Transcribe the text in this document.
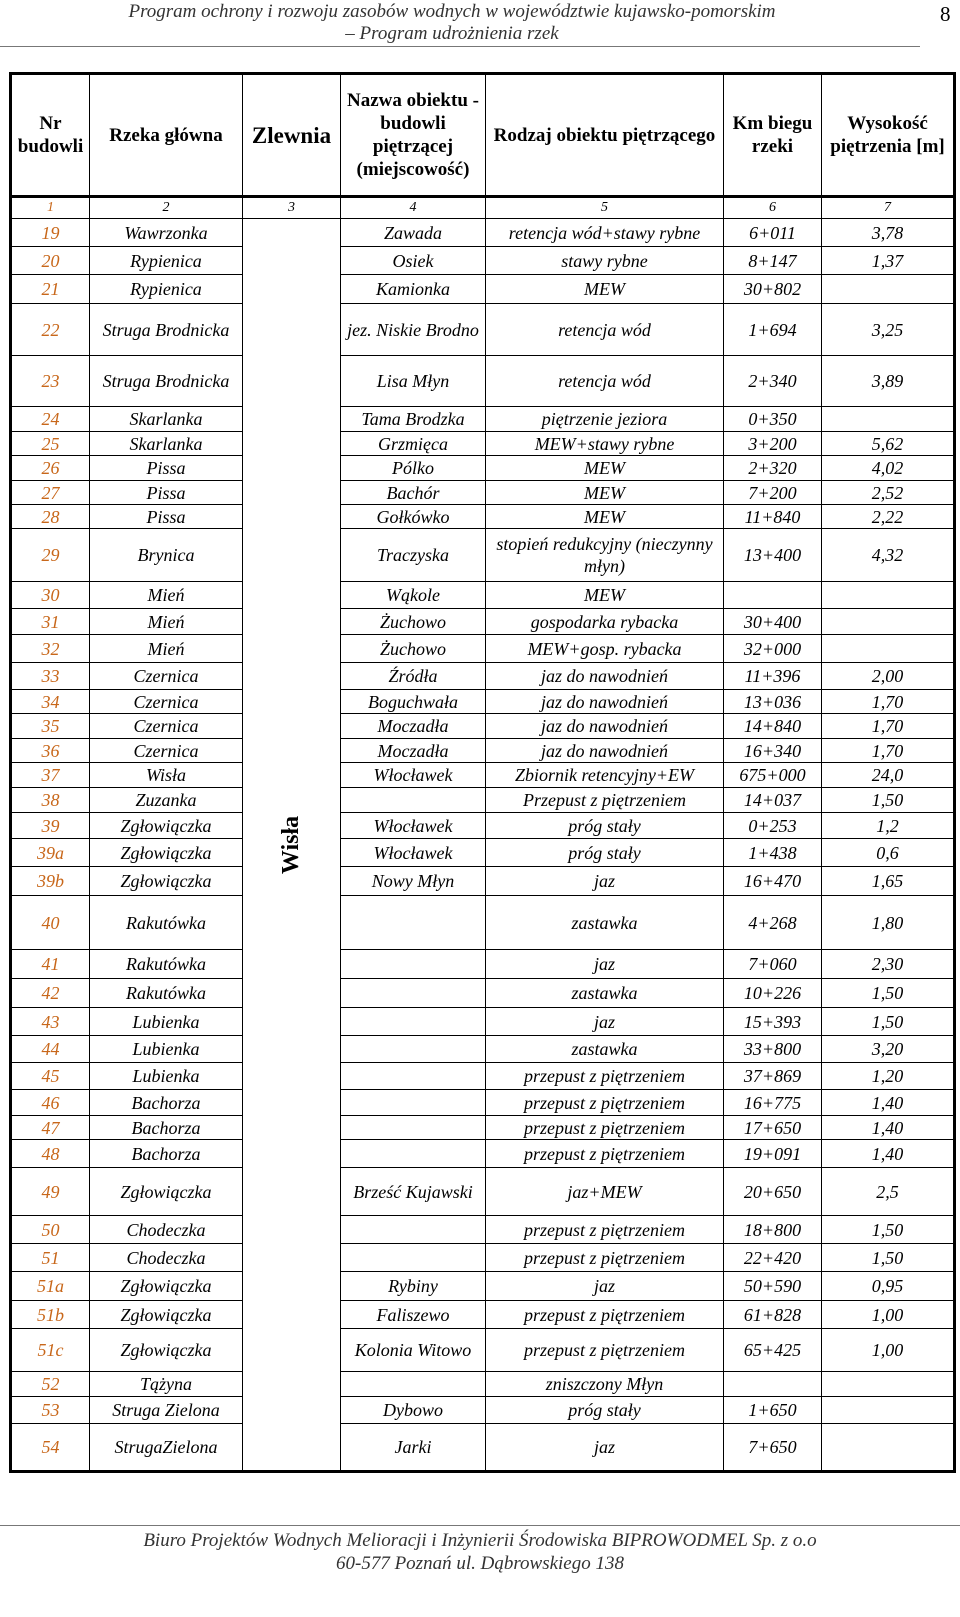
Program ochrony i rozwoju zasobów wodnych w województwie kujawsko-pomorskim
– Program udrożnienia rzek
8
Nr budowli	Rzeka główna	Zlewnia	Nazwa obiektu - budowli piętrzącej (miejscowość)	Rodzaj obiektu piętrzącego	Km biegu rzeki	Wysokość piętrzenia [m]
1	2	3	4	5	6	7
19	Wawrzonka	Wisła	Zawada	retencja wód+stawy rybne	6+011	3,78
20	Rypienica		Osiek	stawy rybne	8+147	1,37
21	Rypienica		Kamionka	MEW	30+802	
22	Struga Brodnicka		jez. Niskie Brodno	retencja wód	1+694	3,25
23	Struga Brodnicka		Lisa Młyn	retencja wód	2+340	3,89
24	Skarlanka		Tama Brodzka	piętrzenie jeziora	0+350	
25	Skarlanka		Grzmięca	MEW+stawy rybne	3+200	5,62
26	Pissa		Pólko	MEW	2+320	4,02
27	Pissa		Bachór	MEW	7+200	2,52
28	Pissa		Gołkówko	MEW	11+840	2,22
29	Brynica		Traczyska	stopień redukcyjny (nieczynny młyn)	13+400	4,32
30	Mień		Wąkole	MEW		
31	Mień		Żuchowo	gospodarka rybacka	30+400	
32	Mień		Żuchowo	MEW+gosp. rybacka	32+000	
33	Czernica		Źródła	jaz do nawodnień	11+396	2,00
34	Czernica		Boguchwała	jaz do nawodnień	13+036	1,70
35	Czernica		Moczadła	jaz do nawodnień	14+840	1,70
36	Czernica		Moczadła	jaz do nawodnień	16+340	1,70
37	Wisła		Włocławek	Zbiornik retencyjny+EW	675+000	24,0
38	Zuzanka			Przepust z piętrzeniem	14+037	1,50
39	Zgłowiączka		Włocławek	próg stały	0+253	1,2
39a	Zgłowiączka		Włocławek	próg stały	1+438	0,6
39b	Zgłowiączka		Nowy Młyn	jaz	16+470	1,65
40	Rakutówka			zastawka	4+268	1,80
41	Rakutówka			jaz	7+060	2,30
42	Rakutówka			zastawka	10+226	1,50
43	Lubienka			jaz	15+393	1,50
44	Lubienka			zastawka	33+800	3,20
45	Lubienka			przepust z piętrzeniem	37+869	1,20
46	Bachorza			przepust z piętrzeniem	16+775	1,40
47	Bachorza			przepust z piętrzeniem	17+650	1,40
48	Bachorza			przepust z piętrzeniem	19+091	1,40
49	Zgłowiączka		Brześć Kujawski	jaz+MEW	20+650	2,5
50	Chodeczka			przepust z piętrzeniem	18+800	1,50
51	Chodeczka			przepust z piętrzeniem	22+420	1,50
51a	Zgłowiączka		Rybiny	jaz	50+590	0,95
51b	Zgłowiączka		Faliszewo	przepust z piętrzeniem	61+828	1,00
51c	Zgłowiączka		Kolonia Witowo	przepust z piętrzeniem	65+425	1,00
52	Tążyna			zniszczony Młyn		
53	Struga Zielona		Dybowo	próg stały	1+650	
54	StrugaZielona		Jarki	jaz	7+650	
Biuro Projektów Wodnych Melioracji i Inżynierii Środowiska BIPROWODMEL Sp. z o.o
60-577 Poznań ul. Dąbrowskiego 138
